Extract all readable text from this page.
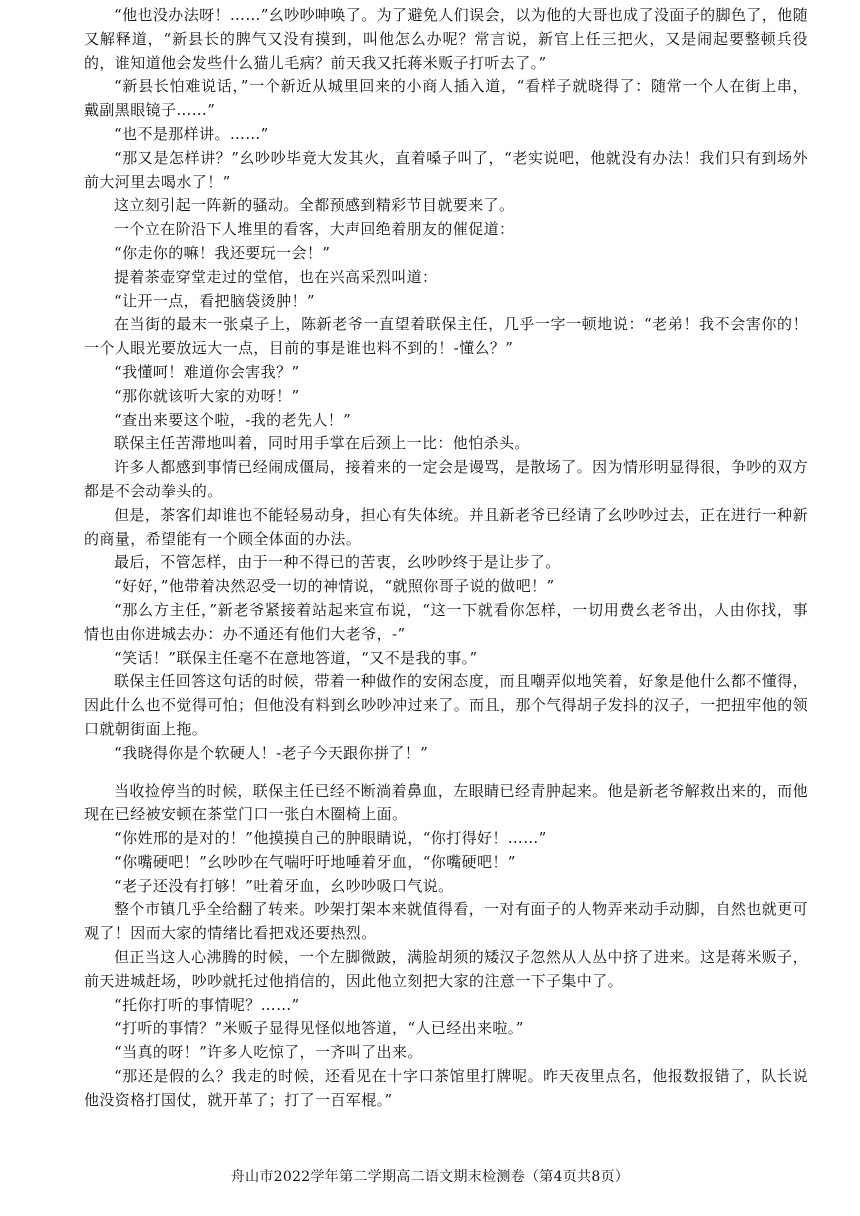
“他也没办法呀！……”幺吵吵呻唤了。为了避免人们误会，以为他的大哥也成了没面子的脚色了，他随又解释道，“新县长的脾气又没有摸到，叫他怎么办呢？常言说，新官上任三把火，又是闹起要整顿兵役的，谁知道他会发些什么猫儿毛病？前天我又托蒋米贩子打听去了。”

“新县长怕难说话，”一个新近从城里回来的小商人插入道，“看样子就晓得了：随常一个人在街上串，戴副黑眼镜子……”

“也不是那样讲。……”

“那又是怎样讲？”幺吵吵毕竟大发其火，直着嗓子叫了，“老实说吧，他就没有办法！我们只有到场外前大河里去喝水了！”

这立刻引起一阵新的骚动。全都预感到精彩节目就要来了。

一个立在阶沿下人堆里的看客，大声回绝着朋友的催促道：

“你走你的嘛！我还要玩一会！”

提着茶壶穿堂走过的堂倌，也在兴高采烈叫道：

“让开一点，看把脑袋烫肿！”

在当街的最末一张桌子上，陈新老爷一直望着联保主任，几乎一字一顿地说：“老弟！我不会害你的！一个人眼光要放远大一点，目前的事是谁也料不到的！-懂么？”

“我懂呵！难道你会害我？”

“那你就该听大家的劝呀！”

“查出来要这个啦，-我的老先人！”

联保主任苦滞地叫着，同时用手掌在后颈上一比：他怕杀头。

许多人都感到事情已经闹成僵局，接着来的一定会是谩骂，是散场了。因为情形明显得很，争吵的双方都是不会动拳头的。

但是，茶客们却谁也不能轻易动身，担心有失体统。并且新老爷已经请了幺吵吵过去，正在进行一种新的商量，希望能有一个顾全体面的办法。

最后，不管怎样，由于一种不得已的苦衷，幺吵吵终于是让步了。

“好好，”他带着决然忍受一切的神情说，“就照你哥子说的做吧！”

“那么方主任，”新老爷紧接着站起来宣布说，“这一下就看你怎样，一切用费幺老爷出，人由你找，事情也由你进城去办：办不通还有他们大老爷，-”

“笑话！”联保主任毫不在意地答道，“又不是我的事。”

联保主任回答这句话的时候，带着一种做作的安闲态度，而且嘲弄似地笑着，好象是他什么都不懂得，因此什么也不觉得可怕；但他没有料到幺吵吵冲过来了。而且，那个气得胡子发抖的汉子，一把扭牢他的领口就朝街面上拖。

“我晓得你是个软硬人！-老子今天跟你拼了！”

当收捡停当的时候，联保主任已经不断淌着鼻血，左眼睛已经青肿起来。他是新老爷解救出来的，而他现在已经被安顿在茶堂门口一张白木圈椅上面。

“你姓邢的是对的！”他摸摸自己的肿眼睛说，“你打得好！……”

“你嘴硬吧！”幺吵吵在气喘吁吁地唾着牙血，“你嘴硬吧！”

“老子还没有打够！”吐着牙血，幺吵吵吸口气说。

整个市镇几乎全给翻了转来。吵架打架本来就值得看，一对有面子的人物弄来动手动脚，自然也就更可观了！因而大家的情绪比看把戏还要热烈。

但正当这人心沸腾的时候，一个左脚微跛，满脸胡须的矮汉子忽然从人丛中挤了进来。这是蒋米贩子，前天进城赶场，吵吵就托过他捎信的，因此他立刻把大家的注意一下子集中了。

“托你打听的事情呢？……”

“打听的事情？”米贩子显得见怪似地答道，“人已经出来啦。”

“当真的呀！”许多人吃惊了，一齐叫了出来。

“那还是假的么？我走的时候，还看见在十字口茶馆里打牌呢。昨天夜里点名，他报数报错了，队长说他没资格打国仗，就开革了；打了一百军棍。”

舟山市2022学年第二学期高二语文期末检测卷（第4页共8页）
